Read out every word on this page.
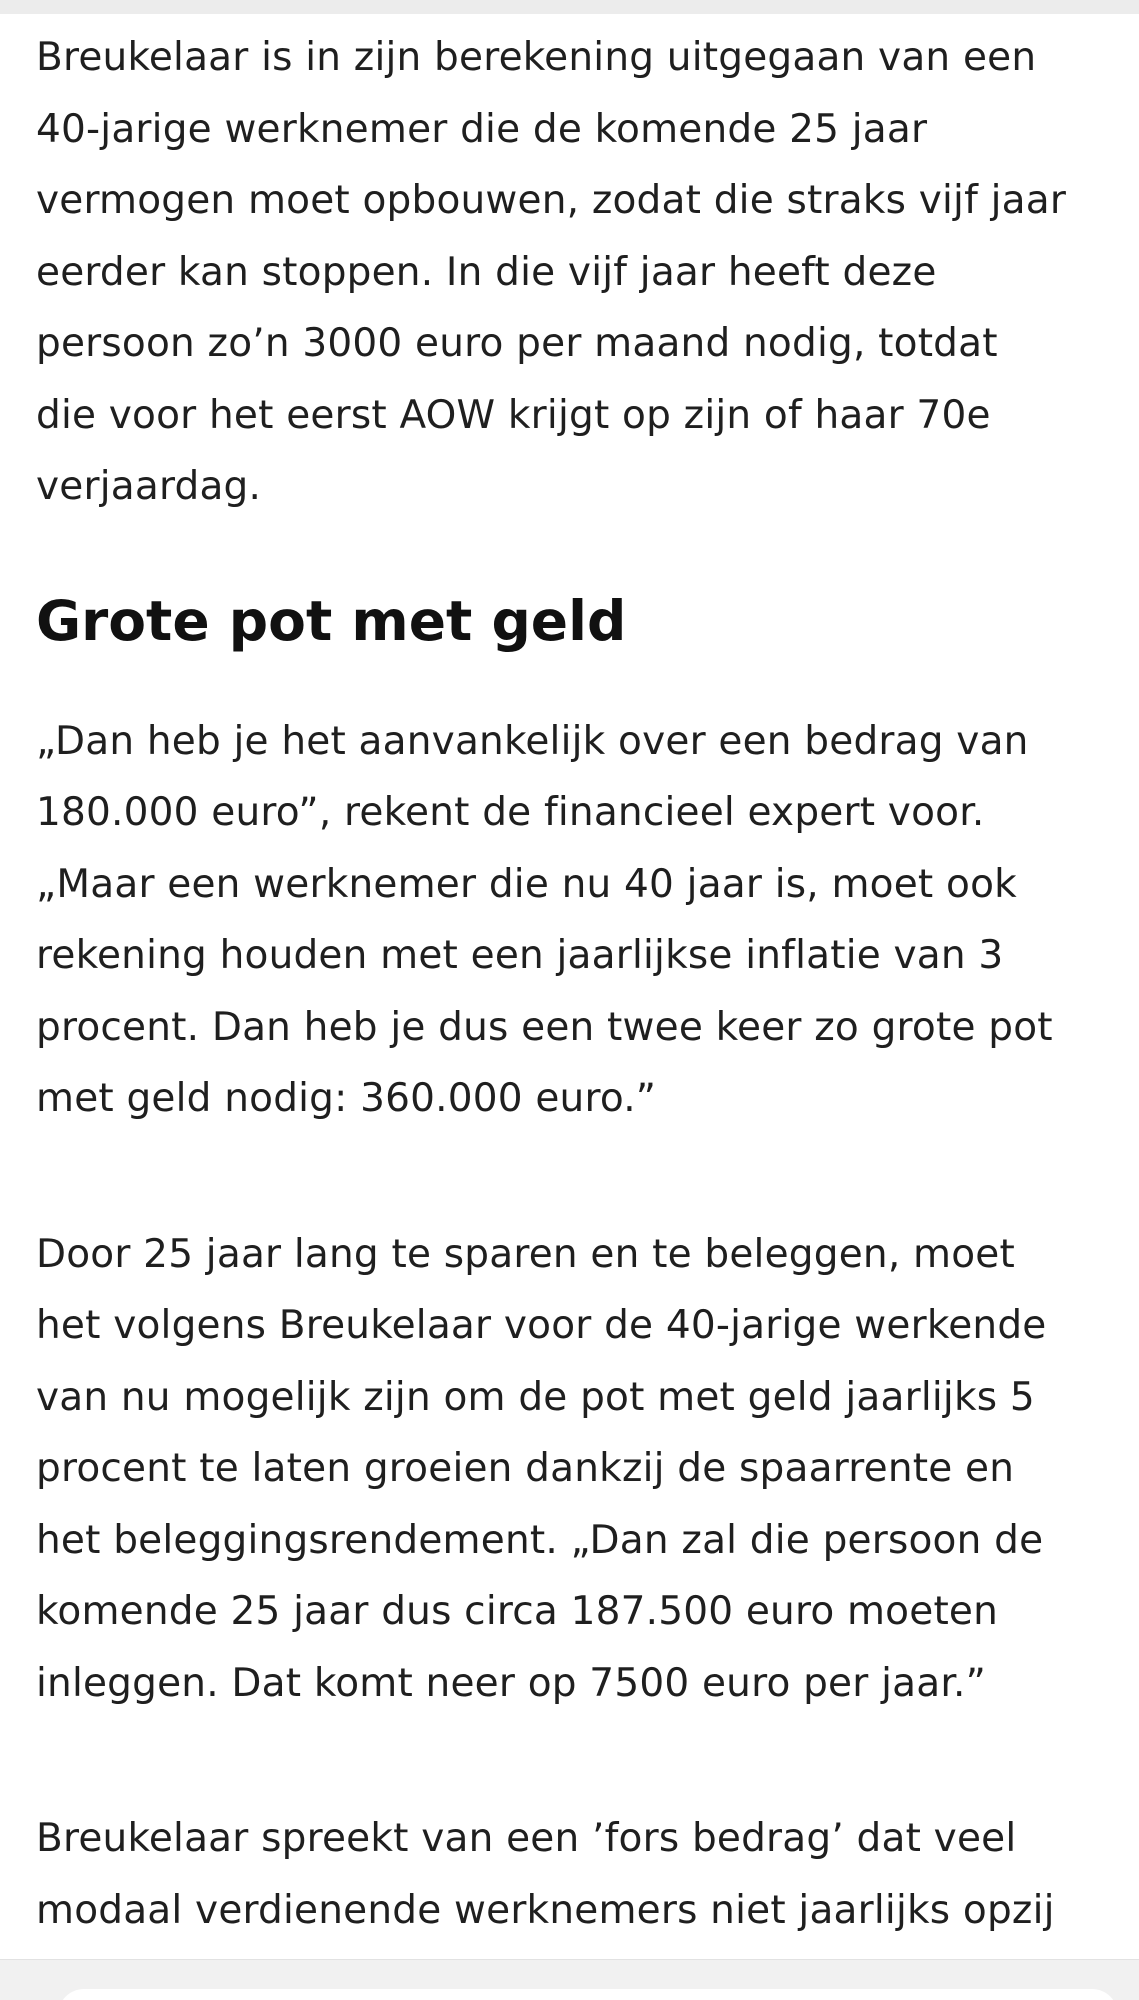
Breukelaar is in zijn berekening uitgegaan van een
40-jarige werknemer die de komende 25 jaar
vermogen moet opbouwen, zodat die straks vijf jaar
eerder kan stoppen. In die vijf jaar heeft deze
persoon zo’n 3000 euro per maand nodig, totdat
die voor het eerst AOW krijgt op zijn of haar 70e
verjaardag.

Grote pot met geld

„Dan heb je het aanvankelijk over een bedrag van
180.000 euro”, rekent de financieel expert voor.
„Maar een werknemer die nu 40 jaar is, moet ook
rekening houden met een jaarlijkse inflatie van 3
procent. Dan heb je dus een twee keer zo grote pot
met geld nodig: 360.000 euro.”

Door 25 jaar lang te sparen en te beleggen, moet
het volgens Breukelaar voor de 40-jarige werkende
van nu mogelijk zijn om de pot met geld jaarlijks 5
procent te laten groeien dankzij de spaarrente en
het beleggingsrendement. „Dan zal die persoon de
komende 25 jaar dus circa 187.500 euro moeten
inleggen. Dat komt neer op 7500 euro per jaar.”

Breukelaar spreekt van een ’fors bedrag’ dat veel
modaal verdienende werknemers niet jaarlijks opzij
